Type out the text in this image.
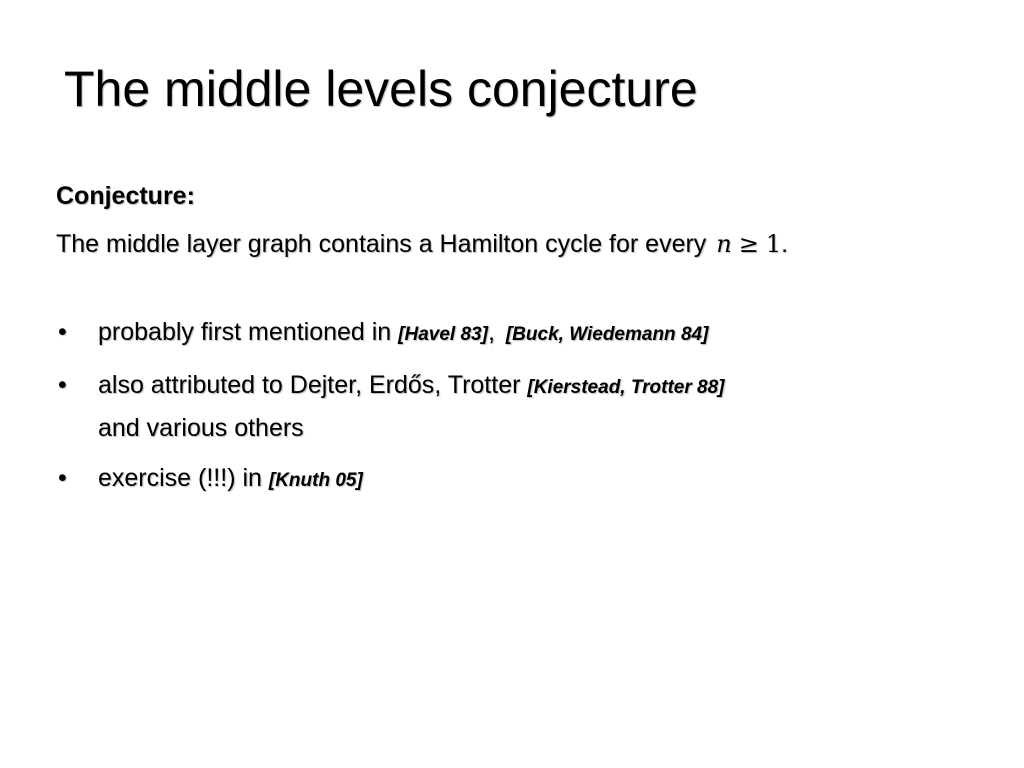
The middle levels conjecture
Conjecture:
The middle layer graph contains a Hamilton cycle for every n ≥ 1.
• probably first mentioned in [Havel 83], [Buck, Wiedemann 84]
• also attributed to Dejter, Erdős, Trotter [Kierstead, Trotter 88]
and various others
• exercise (!!!) in [Knuth 05]
